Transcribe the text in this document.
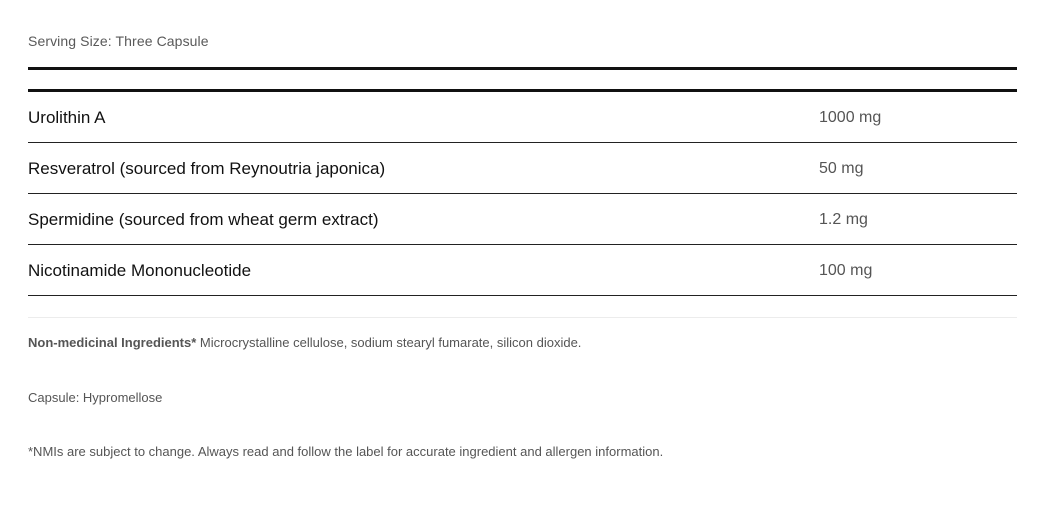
Serving Size: Three Capsule
Urolithin A	1000 mg
Resveratrol (sourced from Reynoutria japonica)	50 mg
Spermidine (sourced from wheat germ extract)	1.2 mg
Nicotinamide Mononucleotide	100 mg
Non-medicinal Ingredients* Microcrystalline cellulose, sodium stearyl fumarate, silicon dioxide.
Capsule: Hypromellose
*NMIs are subject to change. Always read and follow the label for accurate ingredient and allergen information.
